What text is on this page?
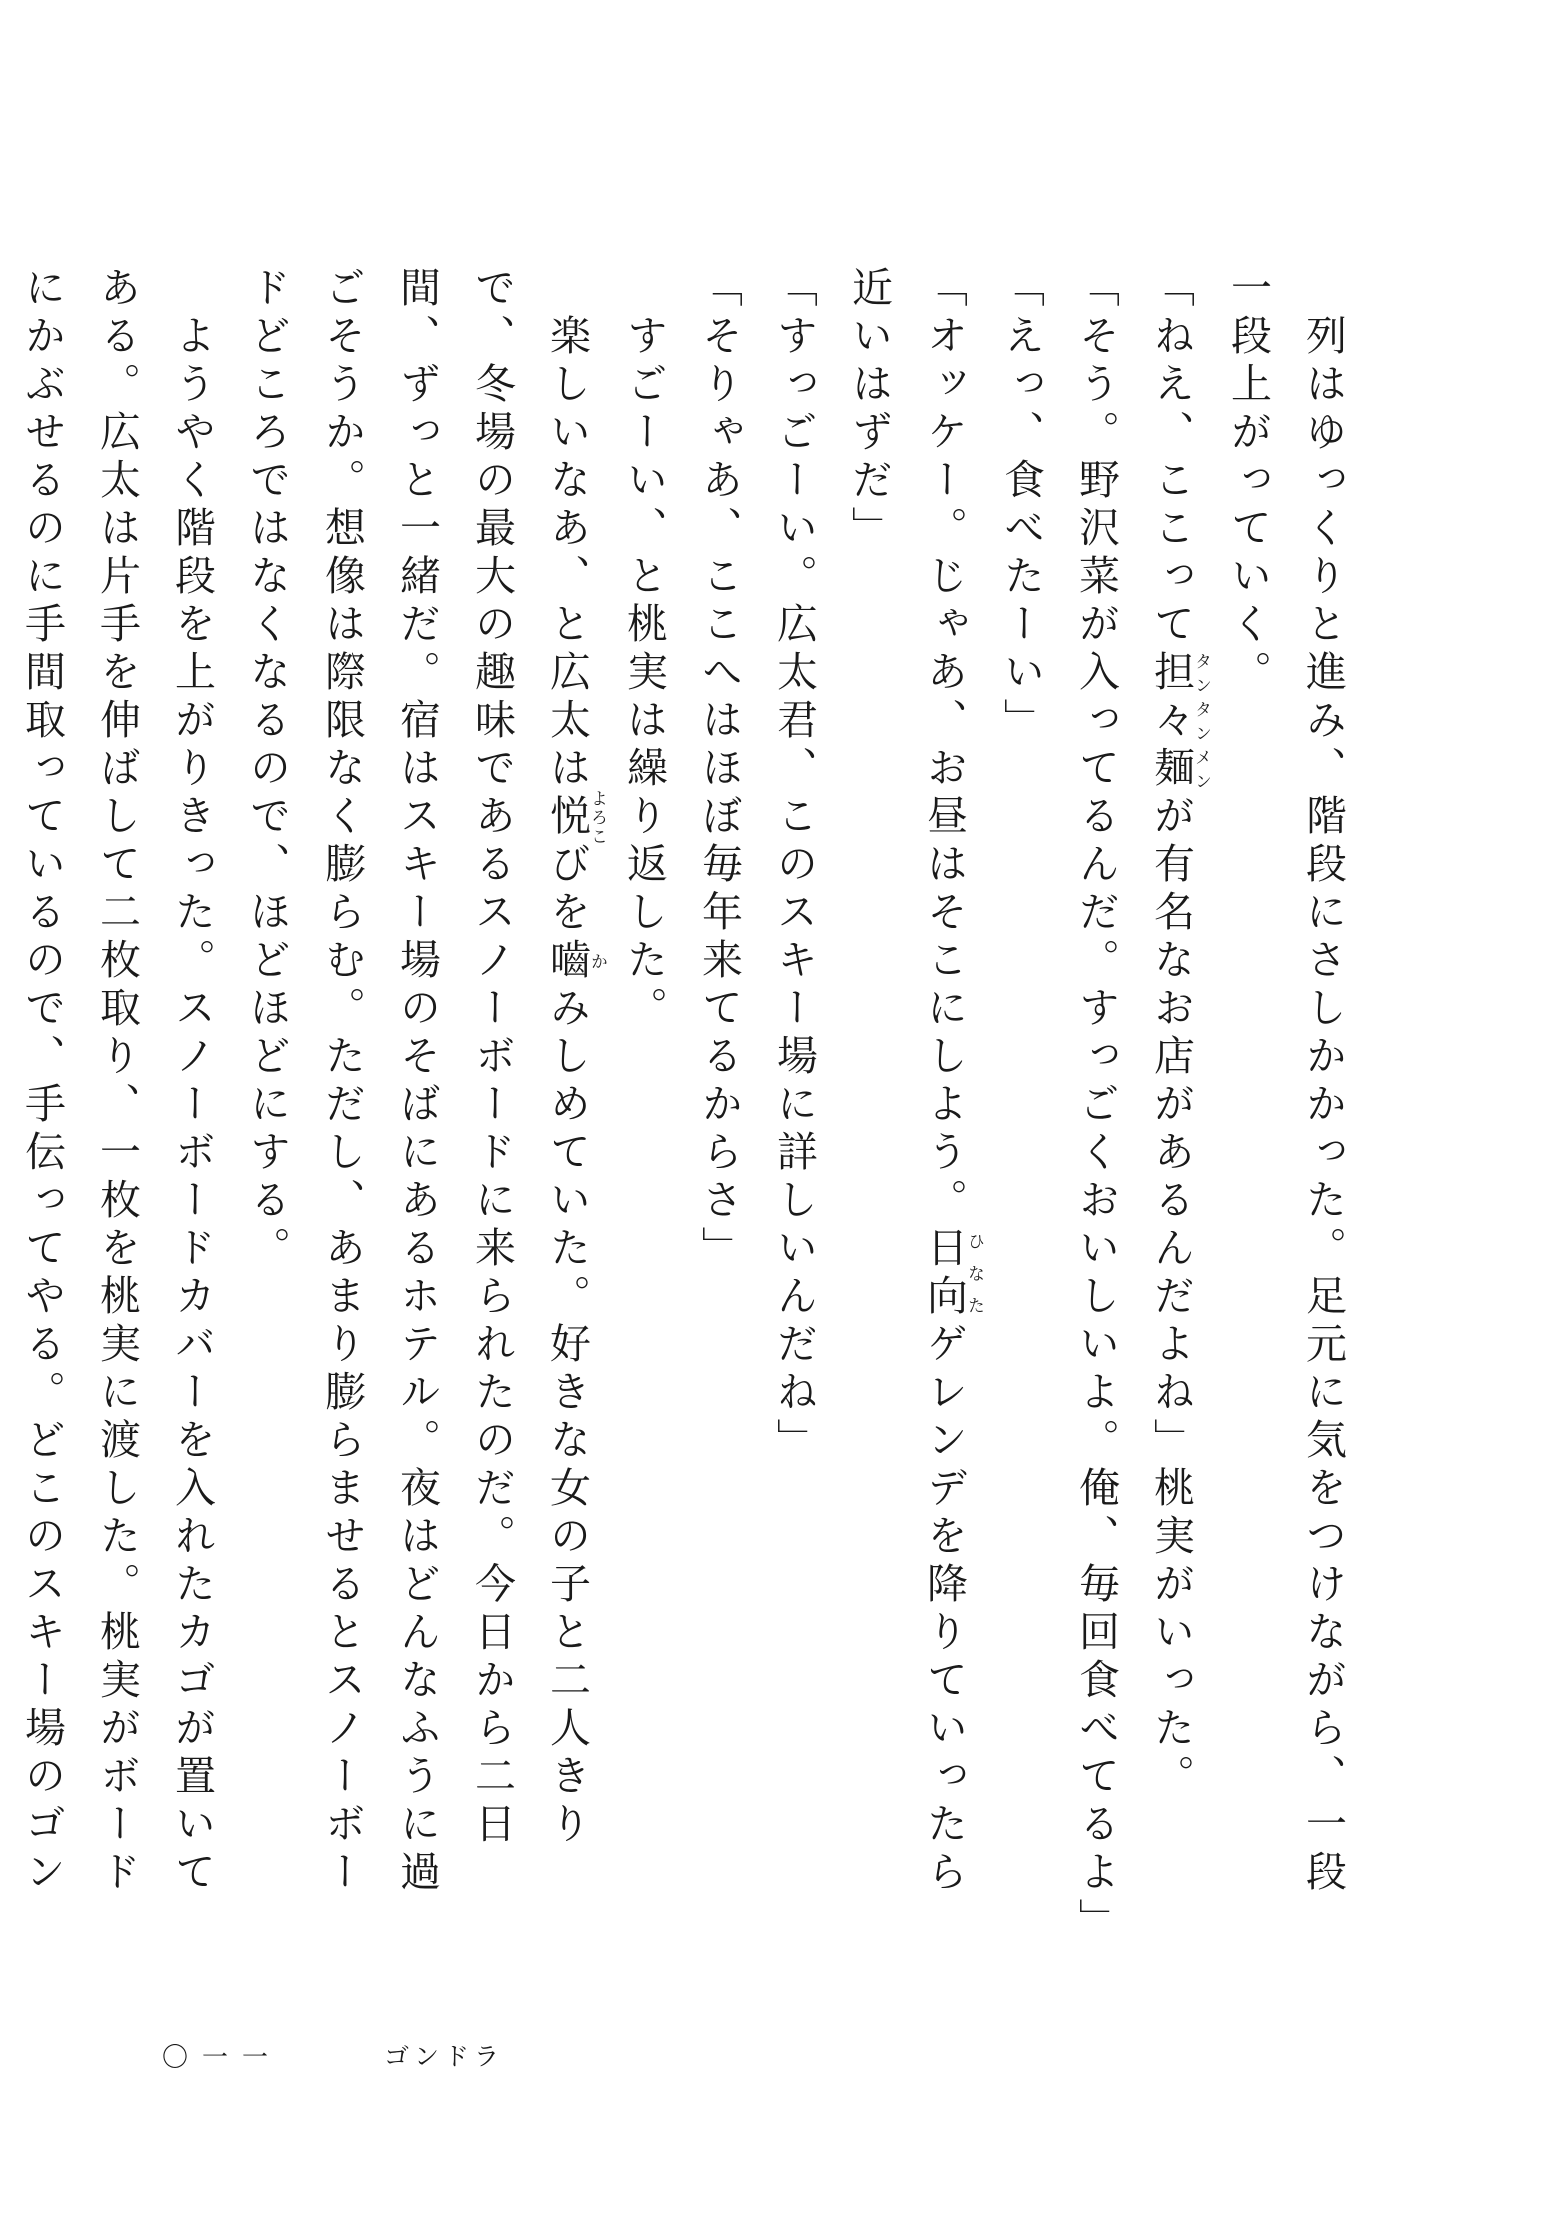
　列はゆっくりと進み、階段にさしかかった。足元に気をつけながら、一段一段上がっていく。

「ねえ、ここって担々麺タンタンメンが有名なお店があるんだよね」桃実がいった。

「そう。野沢菜が入ってるんだ。すっごくおいしいよ。俺、毎回食べてるよ」

「えっ、食べたーい」

「オッケー。じゃあ、お昼はそこにしよう。日向ひなたゲレンデを降りていったら近いはずだ」

「すっごーい。広太君、このスキー場に詳しいんだね」

「そりゃあ、ここへはほぼ毎年来てるからさ」

　すごーい、と桃実は繰り返した。

　楽しいなあ、と広太は悦よろこびを嚙かみしめていた。好きな女の子と二人きりで、冬場の最大の趣味であるスノーボードに来られたのだ。今日から二日間、ずっと一緒だ。宿はスキー場のそばにあるホテル。夜はどんなふうに過ごそうか。想像は際限なく膨らむ。ただし、あまり膨らませるとスノーボードどころではなくなるので、ほどほどにする。

　ようやく階段を上がりきった。スノーボードカバーを入れたカゴが置いてある。広太は片手を伸ばして二枚取り、一枚を桃実に渡した。桃実がボードにかぶせるのに手間取っているので、手伝ってやる。どこのスキー場のゴン

〇一一	ゴンドラ
